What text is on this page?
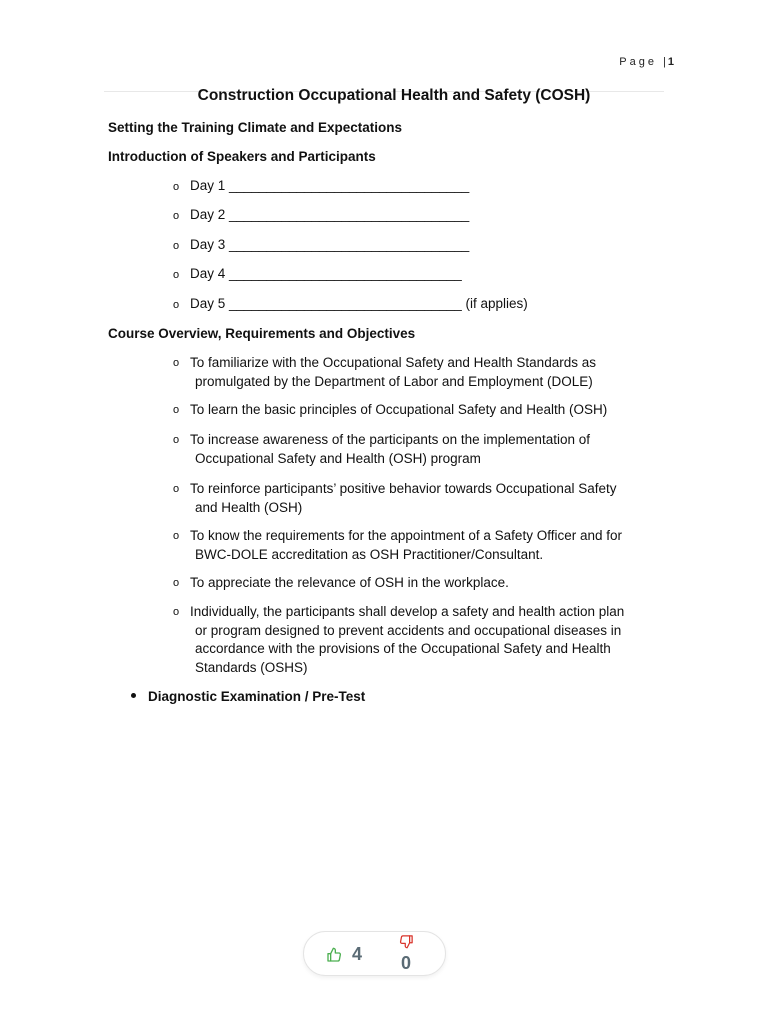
Page | 1
Construction Occupational Health and Safety (COSH)

Setting the Training Climate and Expectations

Introduction of Speakers and Participants

o Day 1 ________________________________
o Day 2 ________________________________
o Day 3 ________________________________
o Day 4 _______________________________
o Day 5 _______________________________ (if applies)

Course Overview, Requirements and Objectives

o To familiarize with the Occupational Safety and Health Standards as
promulgated by the Department of Labor and Employment (DOLE)
o To learn the basic principles of Occupational Safety and Health (OSH)
o To increase awareness of the participants on the implementation of
Occupational Safety and Health (OSH) program
o To reinforce participants’ positive behavior towards Occupational Safety
and Health (OSH)
o To know the requirements for the appointment of a Safety Officer and for
BWC-DOLE accreditation as OSH Practitioner/Consultant.
o To appreciate the relevance of OSH in the workplace.
o Individually, the participants shall develop a safety and health action plan
or program designed to prevent accidents and occupational diseases in
accordance with the provisions of the Occupational Safety and Health
Standards (OSHS)
Diagnostic Examination / Pre-Test
4 0
